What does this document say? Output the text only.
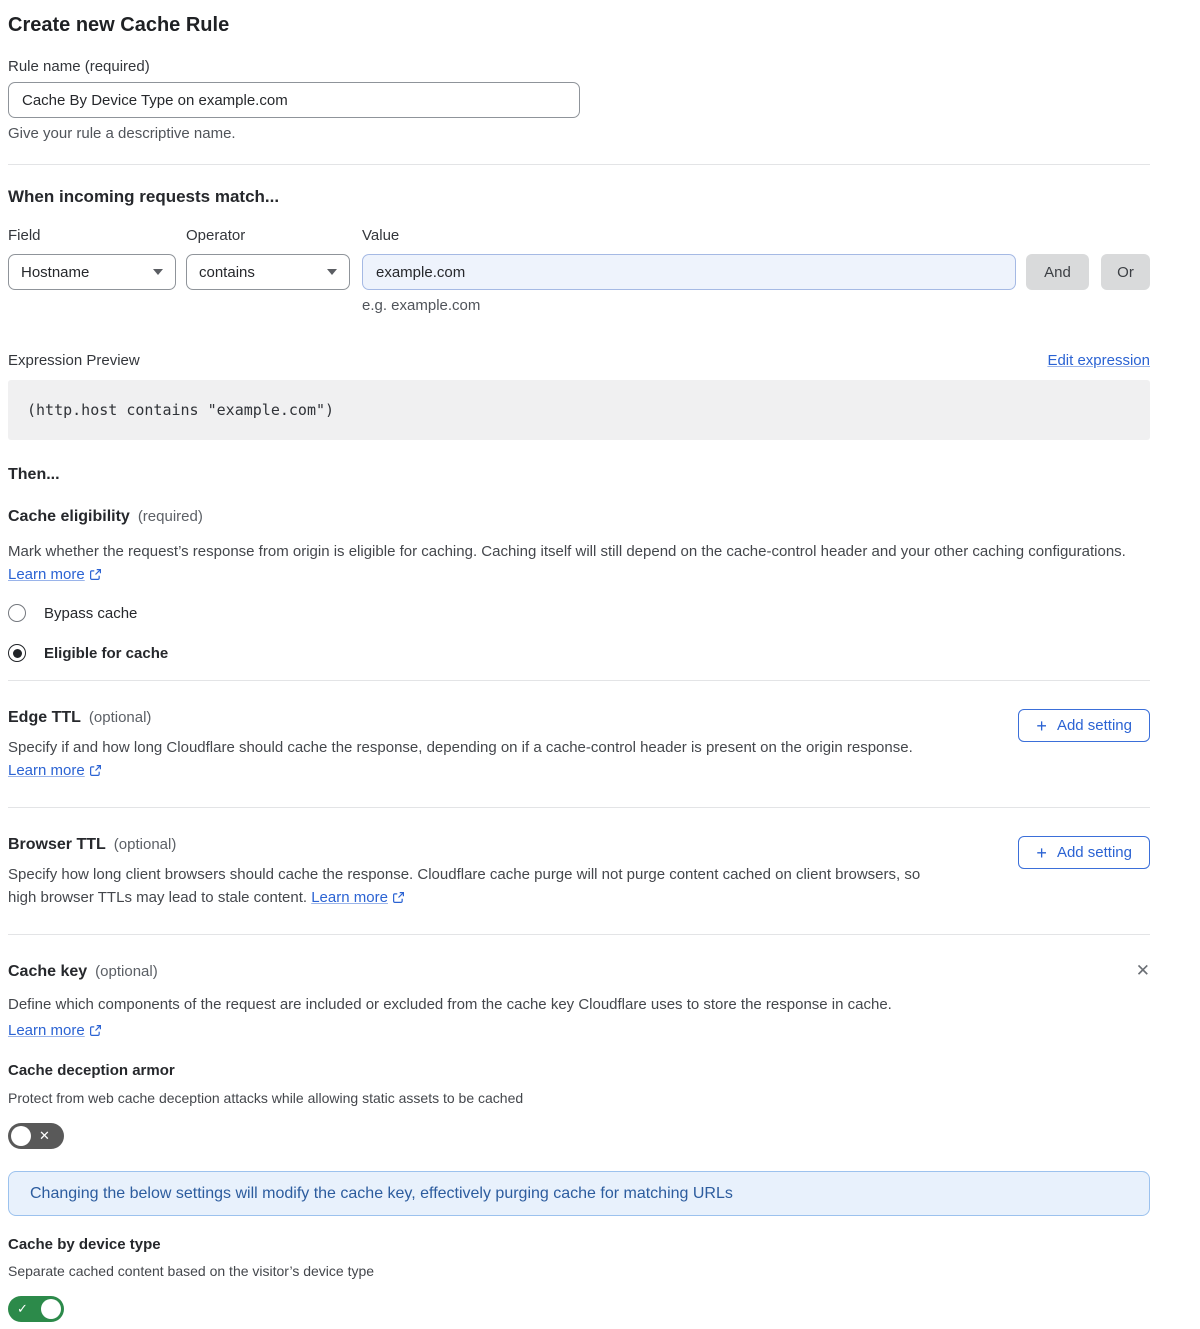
Create new Cache Rule
Rule name (required)
Cache By Device Type on example.com
Give your rule a descriptive name.
When incoming requests match...
Field
Hostname
Operator
contains
Value
example.com
e.g. example.com
And	Or
Expression Preview	Edit expression
(http.host contains "example.com")
Then...
Cache eligibility (required)

Mark whether the request’s response from origin is eligible for caching. Caching itself will still depend on the cache-control header and your other caching configurations. Learn more

Bypass cache
Eligible for cache
Edge TTL (optional)

Specify if and how long Cloudflare should cache the response, depending on if a cache-control header is present on the origin response. Learn more

+ Add setting
Browser TTL (optional)

Specify how long client browsers should cache the response. Cloudflare cache purge will not purge content cached on client browsers, so high browser TTLs may lead to stale content. Learn more

+ Add setting
Cache key (optional)	✕

Define which components of the request are included or excluded from the cache key Cloudflare uses to store the response in cache.
Learn more

Cache deception armor
Protect from web cache deception attacks while allowing static assets to be cached
✕
Changing the below settings will modify the cache key, effectively purging cache for matching URLs
Cache by device type
Separate cached content based on the visitor’s device type
✓
